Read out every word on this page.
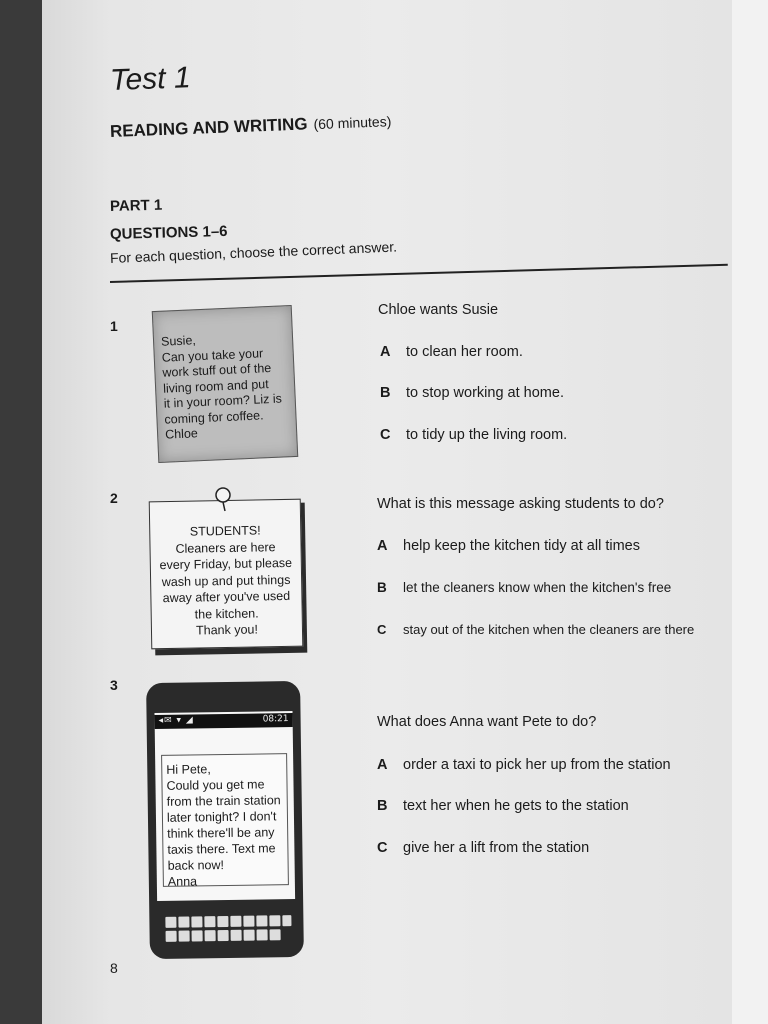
Test 1
READING AND WRITING (60 minutes)
PART 1
QUESTIONS 1–6
For each question, choose the correct answer.
1
Susie,
Can you take your
work stuff out of the
living room and put
it in your room? Liz is
coming for coffee.
Chloe
Chloe wants Susie
A to clean her room.
B to stop working at home.
C to tidy up the living room.
2
STUDENTS!
Cleaners are here
every Friday, but please
wash up and put things
away after you've used
the kitchen.
Thank you!
What is this message asking students to do?
A help keep the kitchen tidy at all times
B let the cleaners know when the kitchen's free
C stay out of the kitchen when the cleaners are there
3
◂✉ ▾ ◢	08:21
Hi Pete,
Could you get me
from the train station
later tonight? I don't
think there'll be any
taxis there. Text me
back now!
Anna
What does Anna want Pete to do?
A order a taxi to pick her up from the station
B text her when he gets to the station
C give her a lift from the station
8
